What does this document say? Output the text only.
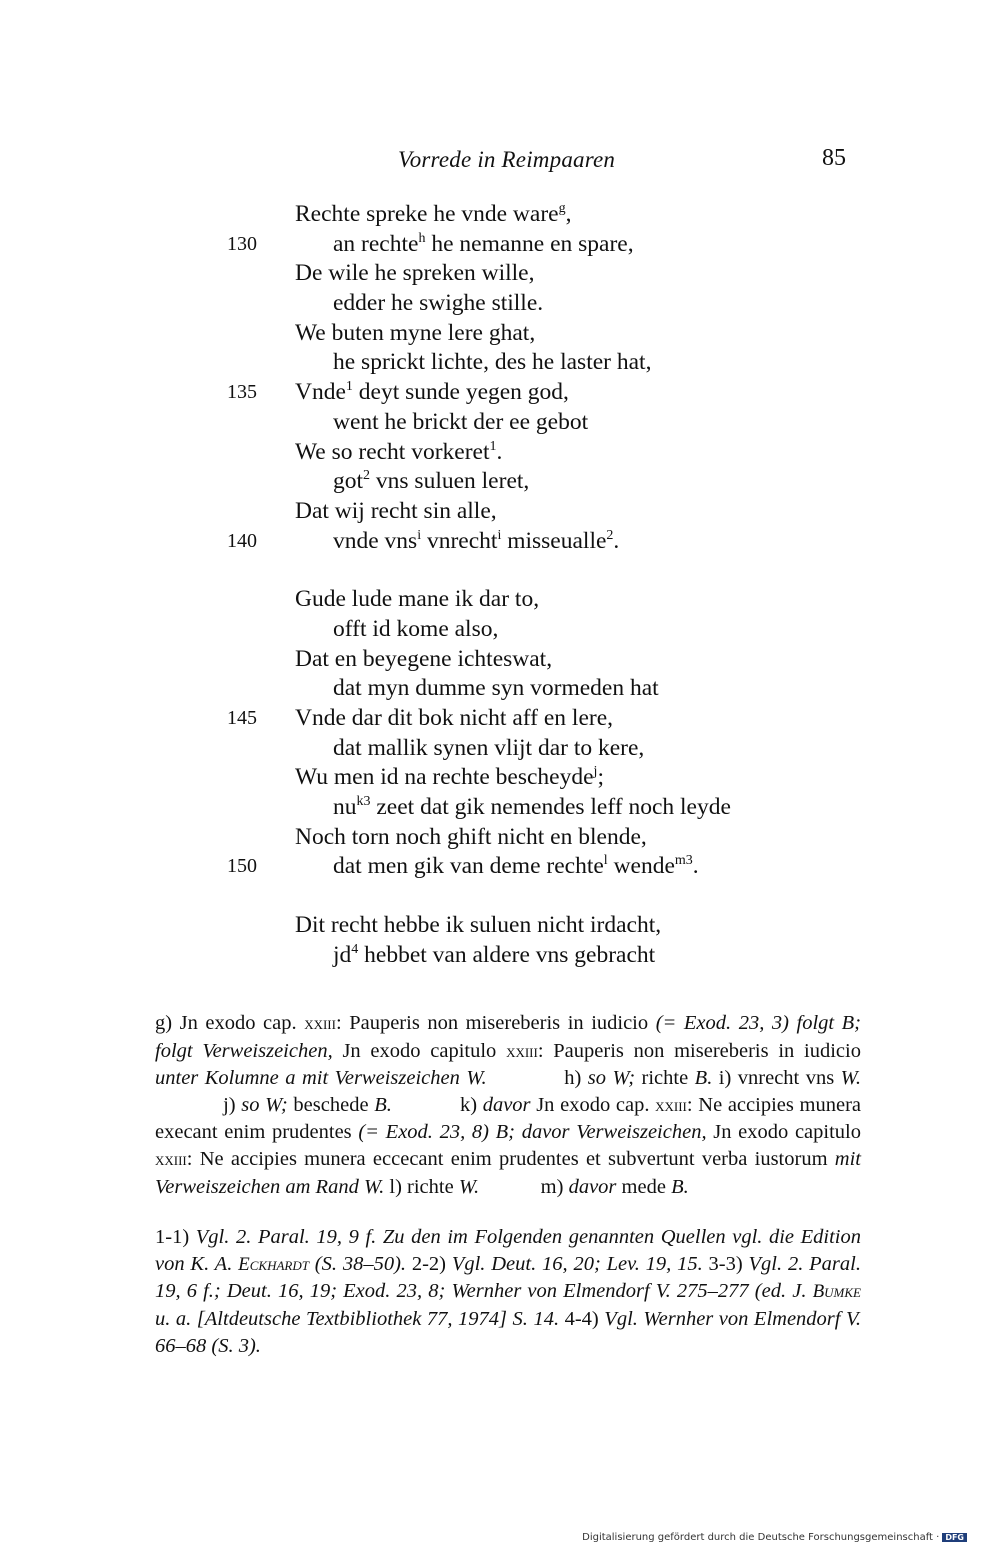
Vorrede in Reimpaaren	85
Rechte spreke he vnde ware$^g$,
130	an rechte$^h$ he nemanne en spare,
De wile he spreken wille,
edder he swighe stille.
We buten myne lere ghat,
he sprickt lichte, des he laster hat,
135 Vnde$^1$ deyt sunde yegen god,
went he brickt der ee gebot
We so recht vorkeret$^1$.
got$^2$ vns suluen leret,
Dat wij recht sin alle,
140	vnde vns$^i$ vnrecht$^i$ misseualle$^2$.
Gude lude mane ik dar to,
offt id kome also,
Dat en beyegene ichteswat,
dat myn dumme syn vormeden hat
145 Vnde dar dit bok nicht aff en lere,
dat mallik synen vlijt dar to kere,
Wu men id na rechte bescheyde$^j$;
$nu^{k3}$ zeet dat gik nemendes leff noch leyde
Noch torn noch ghift nicht en blende,
150	dat men gik van deme rechte$^l$ wende$^{m3}$.
Dit recht hebbe ik suluen nicht irdacht,
$jd^4$ hebbet van aldere vns gebracht

g) Jn exodo cap. xxiii: Pauperis non misereberis in iudicio (= Exod. 23, 3) folgt B; folgt Verweiszeichen, Jn exodo capitulo xxiii: Pauperis non misereberis in iudicio unter Kolumne a mit Verweiszeichen W.            h) so W; richte B. i) vnrecht vns W.            j) so W; beschede B.            k) davor Jn exodo cap. xxiii: Ne accipies munera execant enim prudentes (= Exod. 23, 8) B; davor Verweiszeichen, Jn exodo capitulo xxiii: Ne accipies munera eccecant enim prudentes et subvertunt verba iustorum mit Verweiszeichen am Rand W. l) richte W.            m) davor mede B.

1-1) Vgl. 2. Paral. 19, 9 f. Zu den im Folgenden genannten Quellen vgl. die Edition von K. A. Eckhardt (S. 38–50). 2-2) Vgl. Deut. 16, 20; Lev. 19, 15. 3-3) Vgl. 2. Paral. 19, 6 f.; Deut. 16, 19; Exod. 23, 8; Wernher von Elmendorf V. 275–277 (ed. J. Bumke u. a. [Altdeutsche Textbibliothek 77, 1974] S. 14. 4-4) Vgl. Wernher von Elmendorf V. 66–68 (S. 3).

Digitalisierung gefördert durch die Deutsche Forschungsgemeinschaft · DFG
